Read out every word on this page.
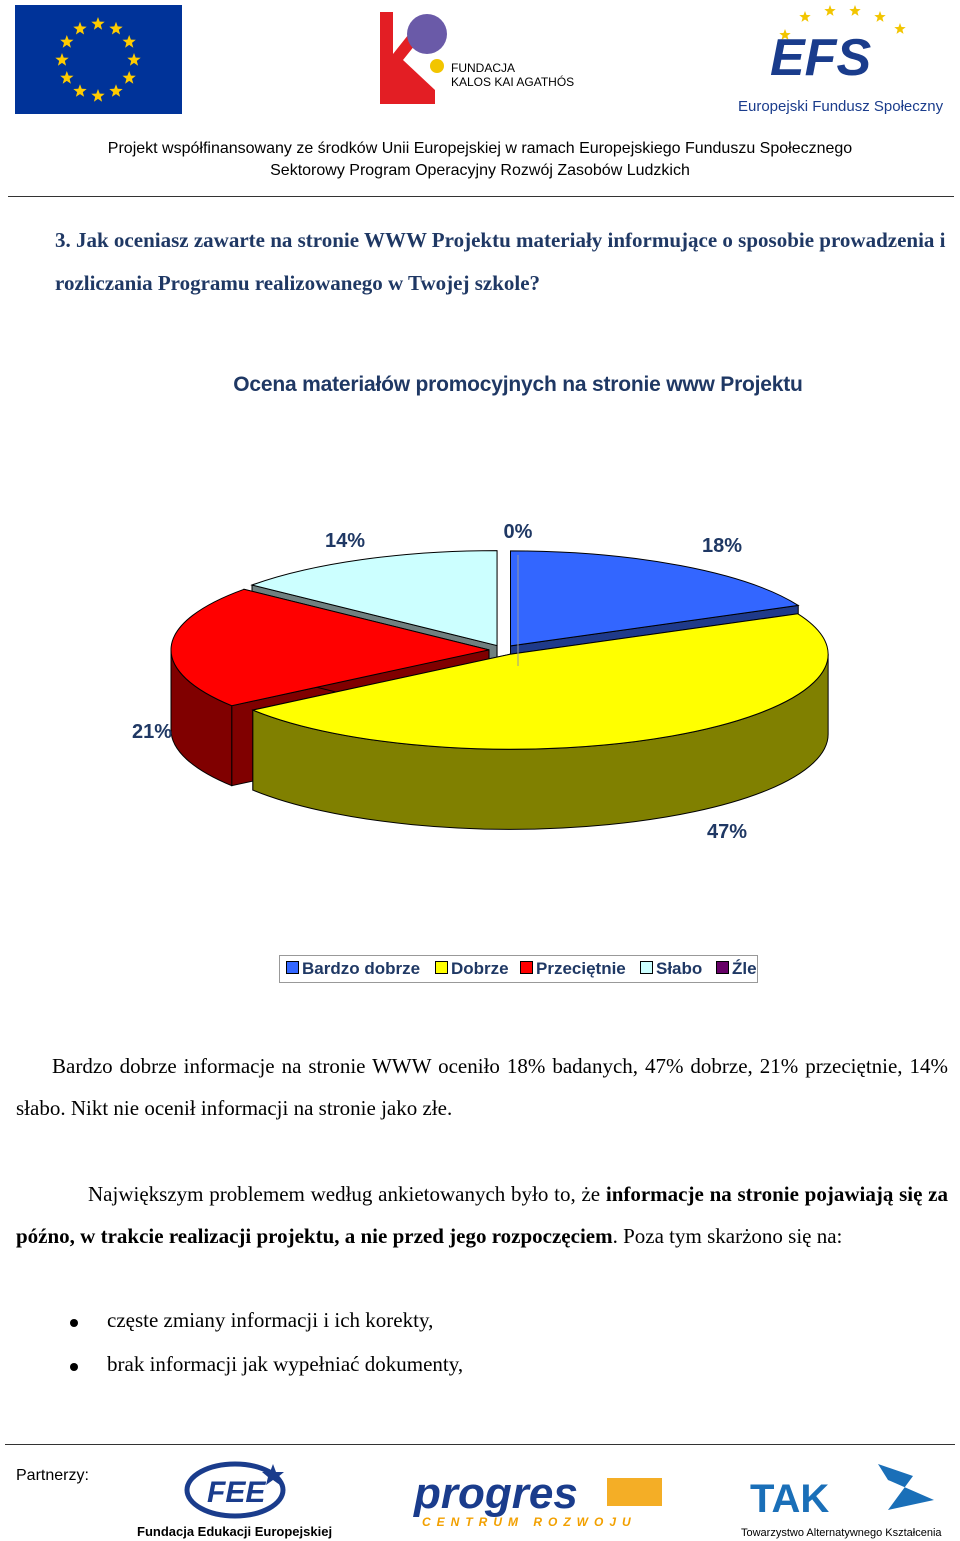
FUNDACJA
KALOS KAI AGATHÓS	EFS
Europejski Fundusz Społeczny
Projekt współfinansowany ze środków Unii Europejskiej w ramach Europejskiego Funduszu Społecznego
Sektorowy Program Operacyjny Rozwój Zasobów Ludzkich
3. Jak oceniasz zawarte na stronie WWW Projektu materiały informujące o sposobie prowadzenia i rozliczania Programu realizowanego w Twojej szkole?
Ocena materiałów promocyjnych na stronie www Projektu
18%
47%
21%
14%	0%
Bardzo dobrze	Dobrze	Przeciętnie	Słabo	Źle
Bardzo dobrze informacje na stronie WWW oceniło 18% badanych, 47% dobrze, 21% przeciętnie, 14% słabo. Nikt nie ocenił informacji na stronie jako złe.
Największym problemem według ankietowanych było to, że informacje na stronie pojawiają się za późno, w trakcie realizacji projektu, a nie przed jego rozpoczęciem. Poza tym skarżono się na:
częste zmiany informacji i ich korekty,
brak informacji jak wypełniać dokumenty,
Partnerzy:
FEE
Fundacja Edukacji Europejskiej
progres
CENTRUM ROZWOJU
TAK
Towarzystwo Alternatywnego Kształcenia
